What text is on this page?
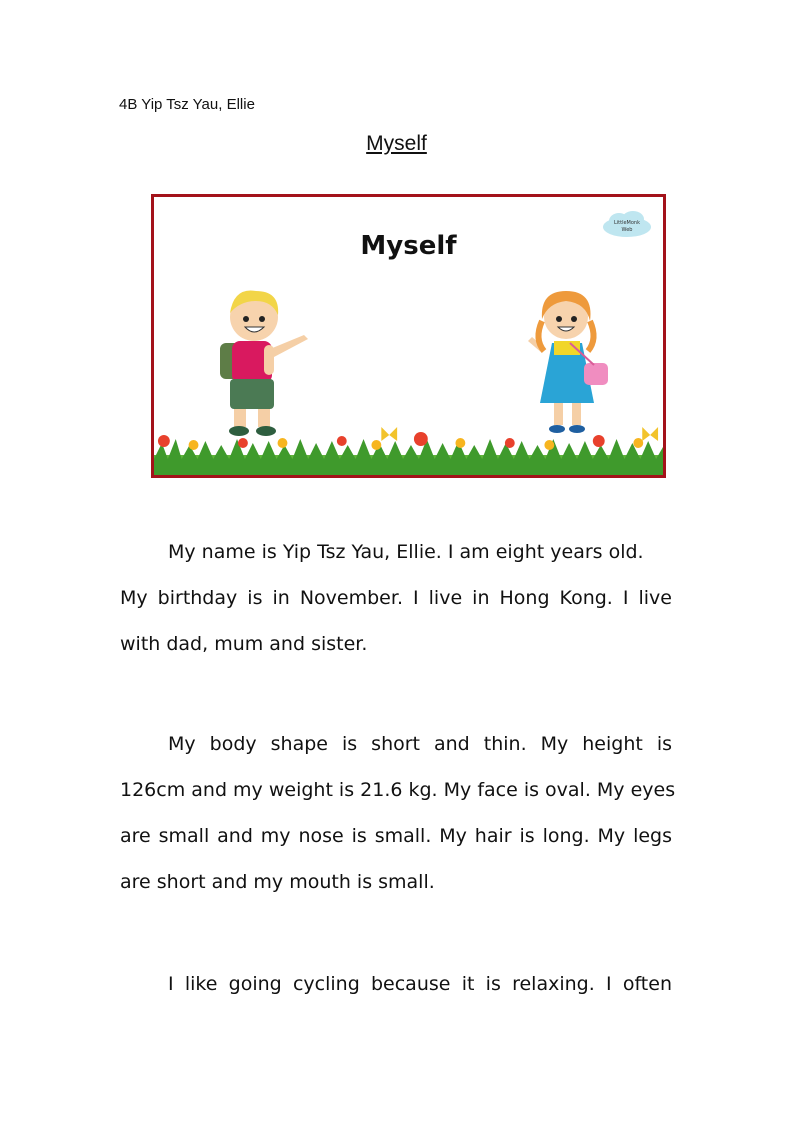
4B Yip Tsz Yau, Ellie
Myself
Myself
LittleMonk
Web
My name is Yip Tsz Yau, Ellie. I am eight years old.
My birthday is in November. I live in Hong Kong. I live
with dad, mum and sister.
My body shape is short and thin. My height is
126cm and my weight is 21.6 kg. My face is oval. My eyes
are small and my nose is small. My hair is long. My legs
are short and my mouth is small.
I like going cycling because it is relaxing. I often
